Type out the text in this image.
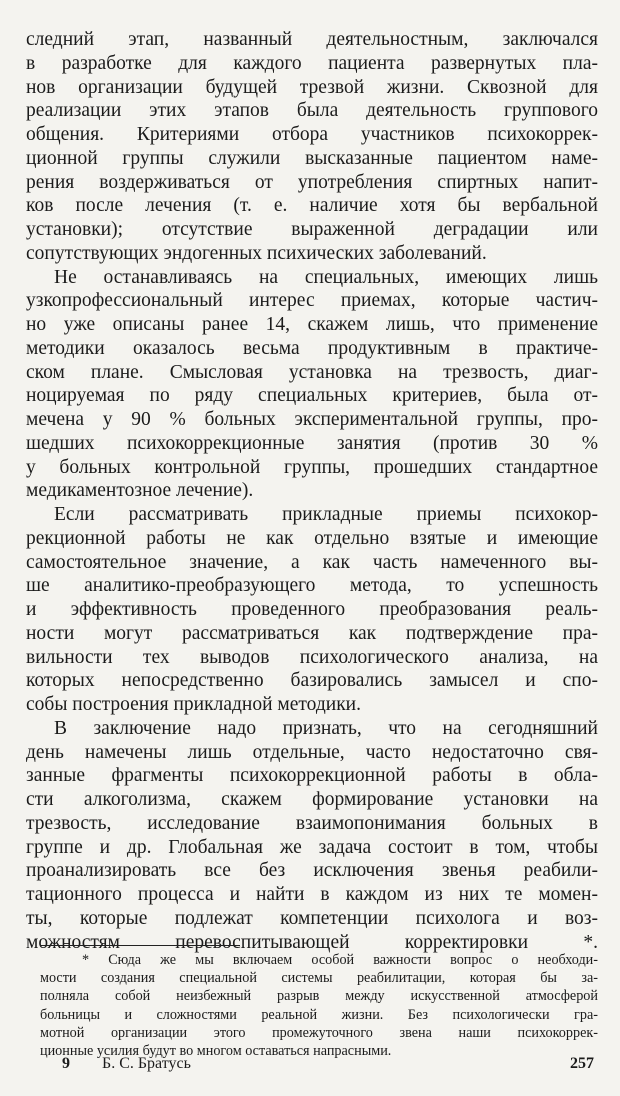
следний этап, названный деятельностным, заключался
в разработке для каждого пациента развернутых пла-
нов организации будущей трезвой жизни. Сквозной для
реализации этих этапов была деятельность группового
общения. Критериями отбора участников психокоррек-
ционной группы служили высказанные пациентом наме-
рения воздерживаться от употребления спиртных напит-
ков после лечения (т. е. наличие хотя бы вербальной
установки); отсутствие выраженной деградации или
сопутствующих эндогенных психических заболеваний.
Не останавливаясь на специальных, имеющих лишь
узкопрофессиональный интерес приемах, которые частич-
но уже описаны ранее 14, скажем лишь, что применение
методики оказалось весьма продуктивным в практиче-
ском плане. Смысловая установка на трезвость, диаг-
ноцируемая по ряду специальных критериев, была от-
мечена у 90 % больных экспериментальной группы, про-
шедших психокоррекционные занятия (против 30 %
у больных контрольной группы, прошедших стандартное
медикаментозное лечение).
Если рассматривать прикладные приемы психокор-
рекционной работы не как отдельно взятые и имеющие
самостоятельное значение, а как часть намеченного вы-
ше аналитико-преобразующего метода, то успешность
и эффективность проведенного преобразования реаль-
ности могут рассматриваться как подтверждение пра-
вильности тех выводов психологического анализа, на
которых непосредственно базировались замысел и спо-
собы построения прикладной методики.
В заключение надо признать, что на сегодняшний
день намечены лишь отдельные, часто недостаточно свя-
занные фрагменты психокоррекционной работы в обла-
сти алкоголизма, скажем формирование установки на
трезвость, исследование взаимопонимания больных в
группе и др. Глобальная же задача состоит в том, чтобы
проанализировать все без исключения звенья реабили-
тационного процесса и найти в каждом из них те момен-
ты, которые подлежат компетенции психолога и воз-
можностям перевоспитывающей корректировки *.
* Сюда же мы включаем особой важности вопрос о необходи-
мости создания специальной системы реабилитации, которая бы за-
полняла собой неизбежный разрыв между искусственной атмосферой
больницы и сложностями реальной жизни. Без психологически гра-
мотной организации этого промежуточного звена наши психокоррек-
ционные усилия будут во многом оставаться напрасными.
9 Б. С. Братусь	257
